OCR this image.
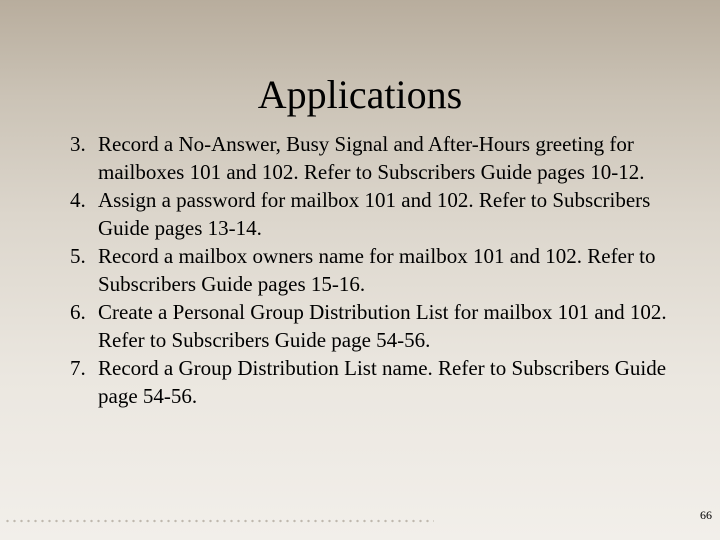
Applications
3. Record a No-Answer, Busy Signal and After-Hours greeting for mailboxes 101 and 102. Refer to Subscribers Guide pages 10-12.
4. Assign a password for mailbox 101 and 102. Refer to Subscribers Guide pages 13-14.
5. Record a mailbox owners name for mailbox 101 and 102. Refer to Subscribers Guide pages 15-16.
6. Create a Personal Group Distribution List for mailbox 101 and 102. Refer to Subscribers Guide page 54-56.
7. Record a Group Distribution List name. Refer to Subscribers Guide page 54-56.
66
